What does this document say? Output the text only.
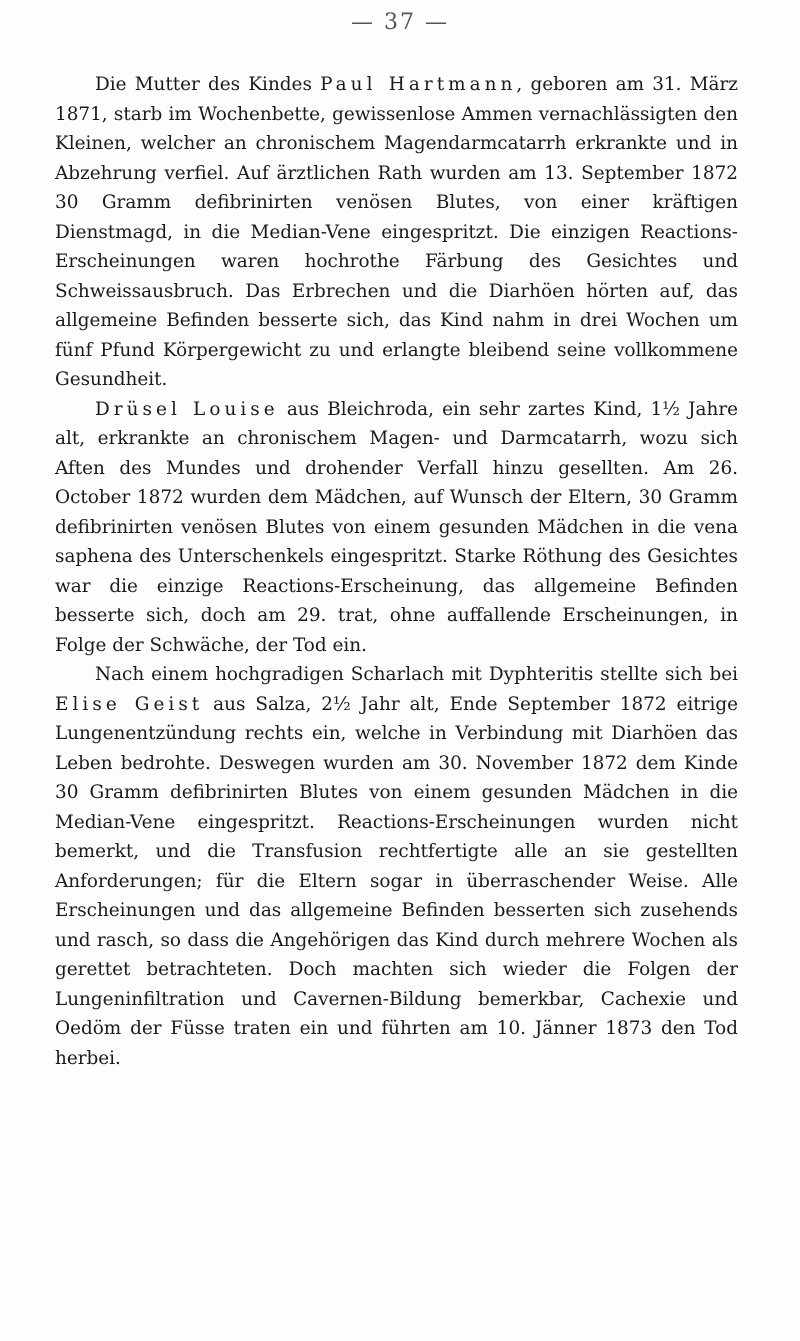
— 37 —

Die Mutter des Kindes Paul Hartmann, geboren am 31. März 1871, starb im Wochenbette, gewissenlose Ammen vernachlässigten den Kleinen, welcher an chronischem Magendarmcatarrh erkrankte und in Abzehrung verfiel. Auf ärztlichen Rath wurden am 13. September 1872 30 Gramm defibrinirten venösen Blutes, von einer kräftigen Dienstmagd, in die Median-Vene eingespritzt. Die einzigen Reactions-Erscheinungen waren hochrothe Färbung des Gesichtes und Schweissausbruch. Das Erbrechen und die Diarhöen hörten auf, das allgemeine Befinden besserte sich, das Kind nahm in drei Wochen um fünf Pfund Körpergewicht zu und erlangte bleibend seine vollkommene Gesundheit.

Drüsel Louise aus Bleichroda, ein sehr zartes Kind, 1½ Jahre alt, erkrankte an chronischem Magen- und Darmcatarrh, wozu sich Aften des Mundes und drohender Verfall hinzu gesellten. Am 26. October 1872 wurden dem Mädchen, auf Wunsch der Eltern, 30 Gramm defibrinirten venösen Blutes von einem gesunden Mädchen in die vena saphena des Unterschenkels eingespritzt. Starke Röthung des Gesichtes war die einzige Reactions-Erscheinung, das allgemeine Befinden besserte sich, doch am 29. trat, ohne auffallende Erscheinungen, in Folge der Schwäche, der Tod ein.

Nach einem hochgradigen Scharlach mit Dyphteritis stellte sich bei Elise Geist aus Salza, 2½ Jahr alt, Ende September 1872 eitrige Lungenentzündung rechts ein, welche in Verbindung mit Diarhöen das Leben bedrohte. Deswegen wurden am 30. November 1872 dem Kinde 30 Gramm defibrinirten Blutes von einem gesunden Mädchen in die Median-Vene eingespritzt. Reactions-Erscheinungen wurden nicht bemerkt, und die Transfusion rechtfertigte alle an sie gestellten Anforderungen; für die Eltern sogar in überraschender Weise. Alle Erscheinungen und das allgemeine Befinden besserten sich zusehends und rasch, so dass die Angehörigen das Kind durch mehrere Wochen als gerettet betrachteten. Doch machten sich wieder die Folgen der Lungeninfiltration und Cavernen-Bildung bemerkbar, Cachexie und Oedöm der Füsse traten ein und führten am 10. Jänner 1873 den Tod herbei.
